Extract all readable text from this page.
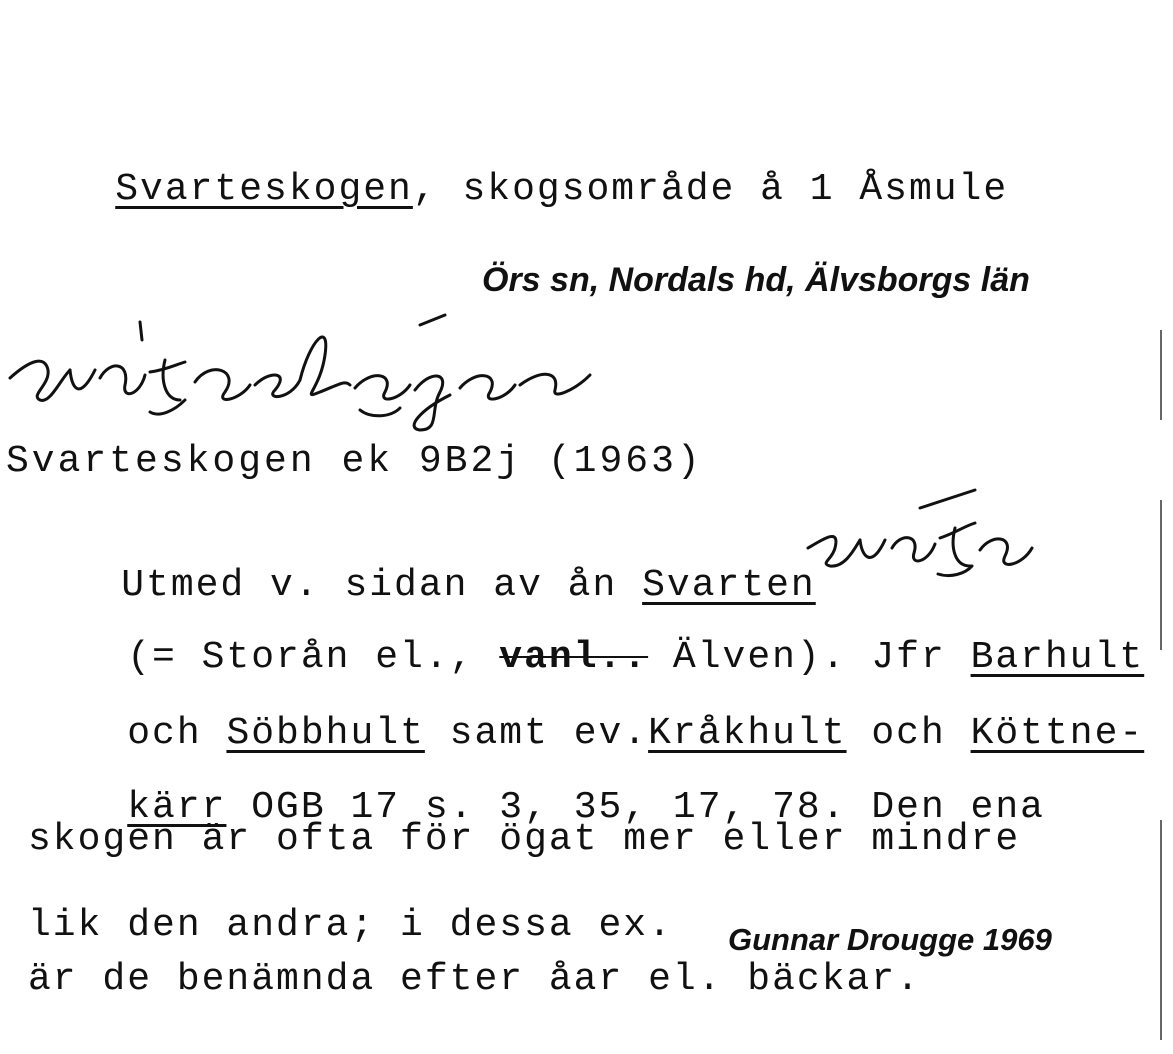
Svarteskogen, skogsområde å 1 Åsmule

Örs sn, Nordals hd, Älvsborgs län
Svarteskogen ek 9B2j (1963)

Utmed v. sidan av ån Svarten

(= Storån el., vanl.. Älven). Jfr Barhult

och Söbbhult samt ev.Kråkhult och Köttne-

kärr OGB 17 s. 3, 35, 17, 78. Den ena

skogen är ofta för ögat mer eller mindre
lik den andra; i dessa ex. Gunnar Drougge 1969
är de benämnda efter åar el. bäckar.
